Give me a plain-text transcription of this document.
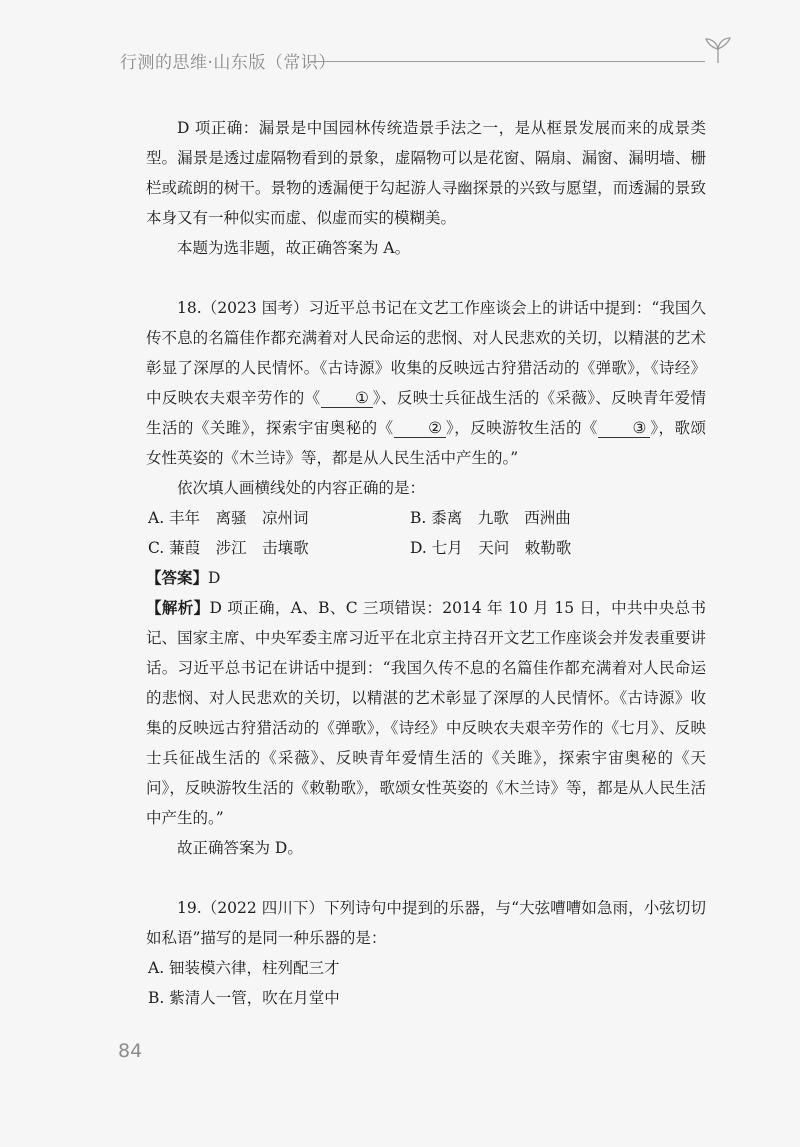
行测的思维·山东版（常识）

D 项正确：漏景是中国园林传统造景手法之一，是从框景发展而来的成景类型。漏景是透过虚隔物看到的景象，虚隔物可以是花窗、隔扇、漏窗、漏明墙、栅栏或疏朗的树干。景物的透漏便于勾起游人寻幽探景的兴致与愿望，而透漏的景致本身又有一种似实而虚、似虚而实的模糊美。

本题为选非题，故正确答案为 A。

18.（2023 国考）习近平总书记在文艺工作座谈会上的讲话中提到：“我国久传不息的名篇佳作都充满着对人民命运的悲悯、对人民悲欢的关切，以精湛的艺术彰显了深厚的人民情怀。《古诗源》收集的反映远古狩猎活动的《弹歌》，《诗经》中反映农夫艰辛劳作的《 ① 》、反映士兵征战生活的《采薇》、反映青年爱情生活的《关雎》，探索宇宙奥秘的《 ② 》，反映游牧生活的《 ③ 》，歌颂女性英姿的《木兰诗》等，都是从人民生活中产生的。”

依次填人画横线处的内容正确的是：

A. 丰年　离骚　凉州词	B. 黍离　九歌　西洲曲
C. 蒹葭　涉江　击壤歌	D. 七月　天问　敕勒歌

【答案】D

【解析】D 项正确，A、B、C 三项错误：2014 年 10 月 15 日，中共中央总书记、国家主席、中央军委主席习近平在北京主持召开文艺工作座谈会并发表重要讲话。习近平总书记在讲话中提到：“我国久传不息的名篇佳作都充满着对人民命运的悲悯、对人民悲欢的关切，以精湛的艺术彰显了深厚的人民情怀。《古诗源》收集的反映远古狩猎活动的《弹歌》，《诗经》中反映农夫艰辛劳作的《七月》、反映士兵征战生活的《采薇》、反映青年爱情生活的《关雎》，探索宇宙奥秘的《天问》，反映游牧生活的《敕勒歌》，歌颂女性英姿的《木兰诗》等，都是从人民生活中产生的。”

故正确答案为 D。

19.（2022 四川下）下列诗句中提到的乐器，与“大弦嘈嘈如急雨，小弦切切如私语”描写的是同一种乐器的是：

A. 钿装模六律，柱列配三才
B. 紫清人一管，吹在月堂中
84
